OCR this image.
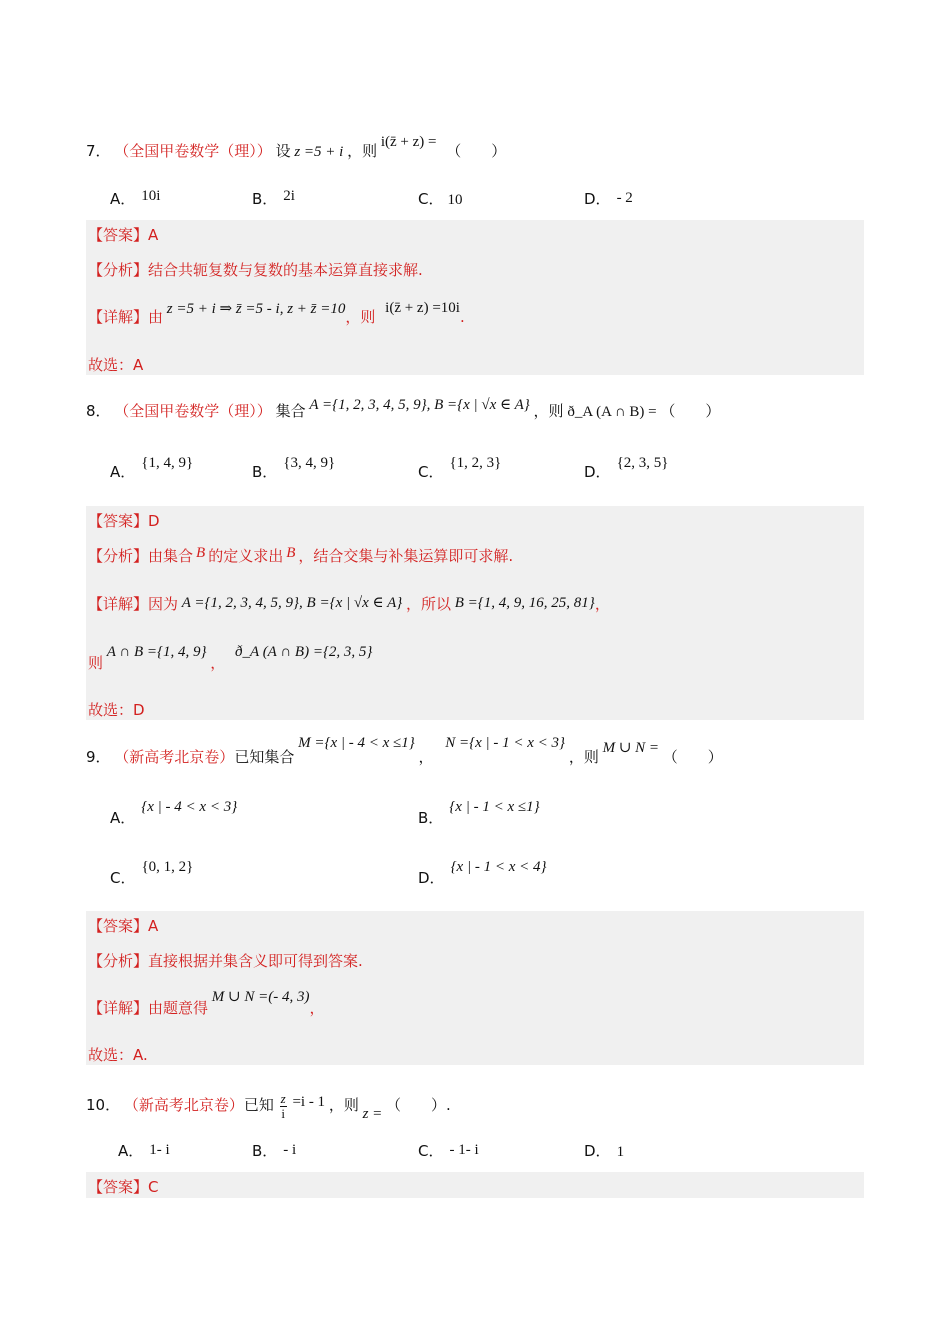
7． （全国甲卷数学（理）） 设 z =5 + i ，则 i(z̄ + z) = （　　）
A． 10i	B． 2i	C． 10	D． - 2
【答案】A
【分析】结合共轭复数与复数的基本运算直接求解.
【详解】由 z =5 + i ⇒ z̄ =5 - i, z + z̄ =10，则 i(z̄ + z) =10i.
故选：A
8． （全国甲卷数学（理）） 集合 A ={1, 2, 3, 4, 5, 9}, B ={x | √x ∈ A} ，则 ð_A (A ∩ B) = （　　）
A． {1, 4, 9}	B． {3, 4, 9}	C． {1, 2, 3}	D． {2, 3, 5}
【答案】D
【分析】由集合 B 的定义求出 B ，结合交集与补集运算即可求解.
【详解】因为 A ={1, 2, 3, 4, 5, 9}, B ={x | √x ∈ A} ，所以 B ={1, 4, 9, 16, 25, 81}，
则 A ∩ B ={1, 4, 9} ， ð_A (A ∩ B) ={2, 3, 5}
故选：D
9． （新高考北京卷）已知集合 M ={x | - 4 < x ≤1} ， N ={x | - 1 < x < 3} ，则 M ∪ N = （　　）
A．{x | - 4 < x < 3}
B．{x | - 1 < x ≤1}
C．{0, 1, 2}
D．{x | - 1 < x < 4}
【答案】A
【分析】直接根据并集含义即可得到答案.
【详解】由题意得 M ∪ N =(- 4, 3)，
故选：A.
10． （新高考北京卷）已知 $\frac{z}{i} =i - 1$ ，则 z = （　　）.
A． 1- i	B． - i	C． - 1- i	D． 1
【答案】C
